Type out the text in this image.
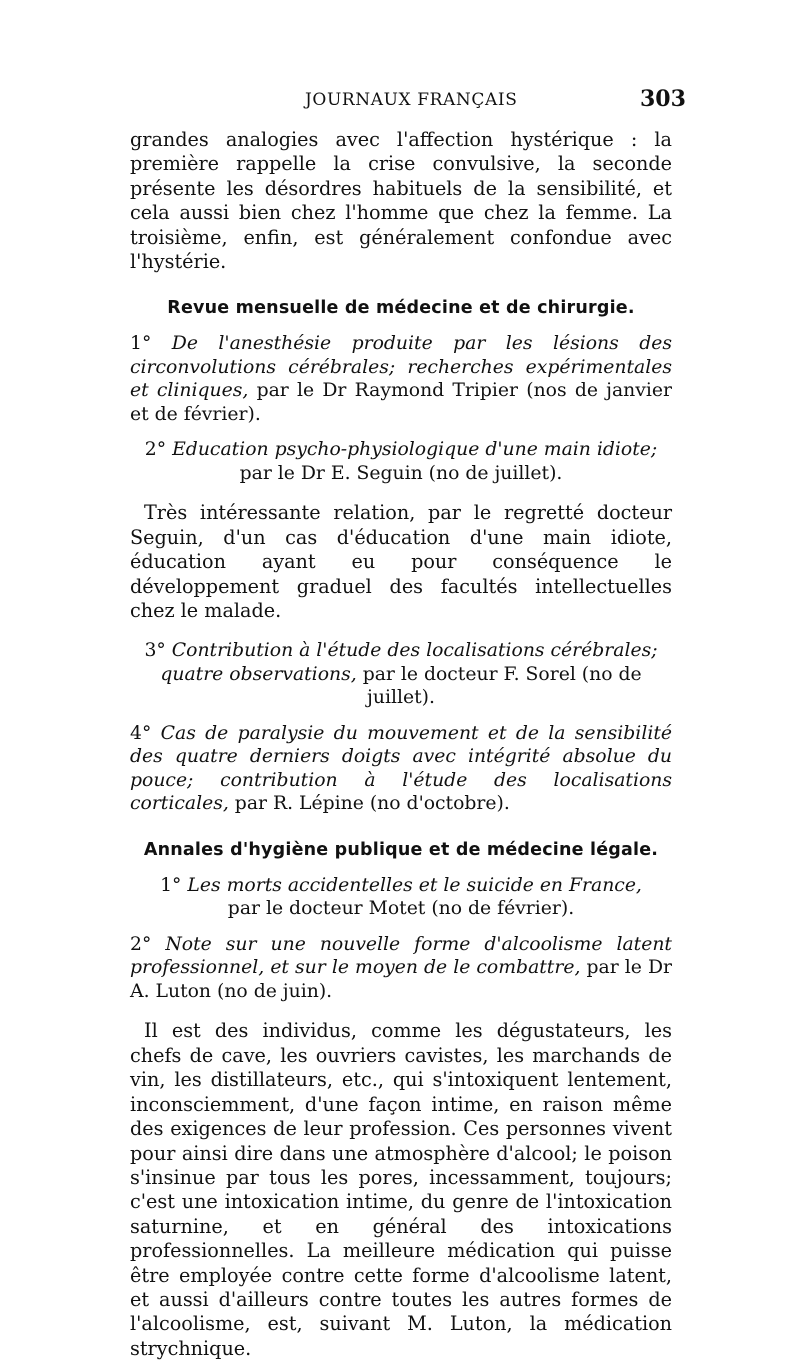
JOURNAUX FRANÇAIS	303

grandes analogies avec l'affection hystérique : la première rappelle la crise convulsive, la seconde présente les désordres habituels de la sensibilité, et cela aussi bien chez l'homme que chez la femme. La troisième, enfin, est généralement confondue avec l'hystérie.

Revue mensuelle de médecine et de chirurgie.

1° De l'anesthésie produite par les lésions des circonvolutions cérébrales; recherches expérimentales et cliniques, par le Dr Raymond Tripier (nos de janvier et de février).

2° Education psycho-physiologique d'une main idiote;
par le Dr E. Seguin (no de juillet).

Très intéressante relation, par le regretté docteur Seguin, d'un cas d'éducation d'une main idiote, éducation ayant eu pour conséquence le développement graduel des facultés intellectuelles chez le malade.

3° Contribution à l'étude des localisations cérébrales; quatre observations, par le docteur F. Sorel (no de juillet).

4° Cas de paralysie du mouvement et de la sensibilité des quatre derniers doigts avec intégrité absolue du pouce; contribution à l'étude des localisations corticales, par R. Lépine (no d'octobre).

Annales d'hygiène publique et de médecine légale.

1° Les morts accidentelles et le suicide en France,
par le docteur Motet (no de février).

2° Note sur une nouvelle forme d'alcoolisme latent professionnel, et sur le moyen de le combattre, par le Dr A. Luton (no de juin).

Il est des individus, comme les dégustateurs, les chefs de cave, les ouvriers cavistes, les marchands de vin, les distillateurs, etc., qui s'intoxiquent lentement, inconsciemment, d'une façon intime, en raison même des exigences de leur profession. Ces personnes vivent pour ainsi dire dans une atmosphère d'alcool; le poison s'insinue par tous les pores, incessamment, toujours; c'est une intoxication intime, du genre de l'intoxication saturnine, et en général des intoxications professionnelles. La meilleure médication qui puisse être employée contre cette forme d'alcoolisme latent, et aussi d'ailleurs contre toutes les autres formes de l'alcoolisme, est, suivant M. Luton, la médication strychnique.
